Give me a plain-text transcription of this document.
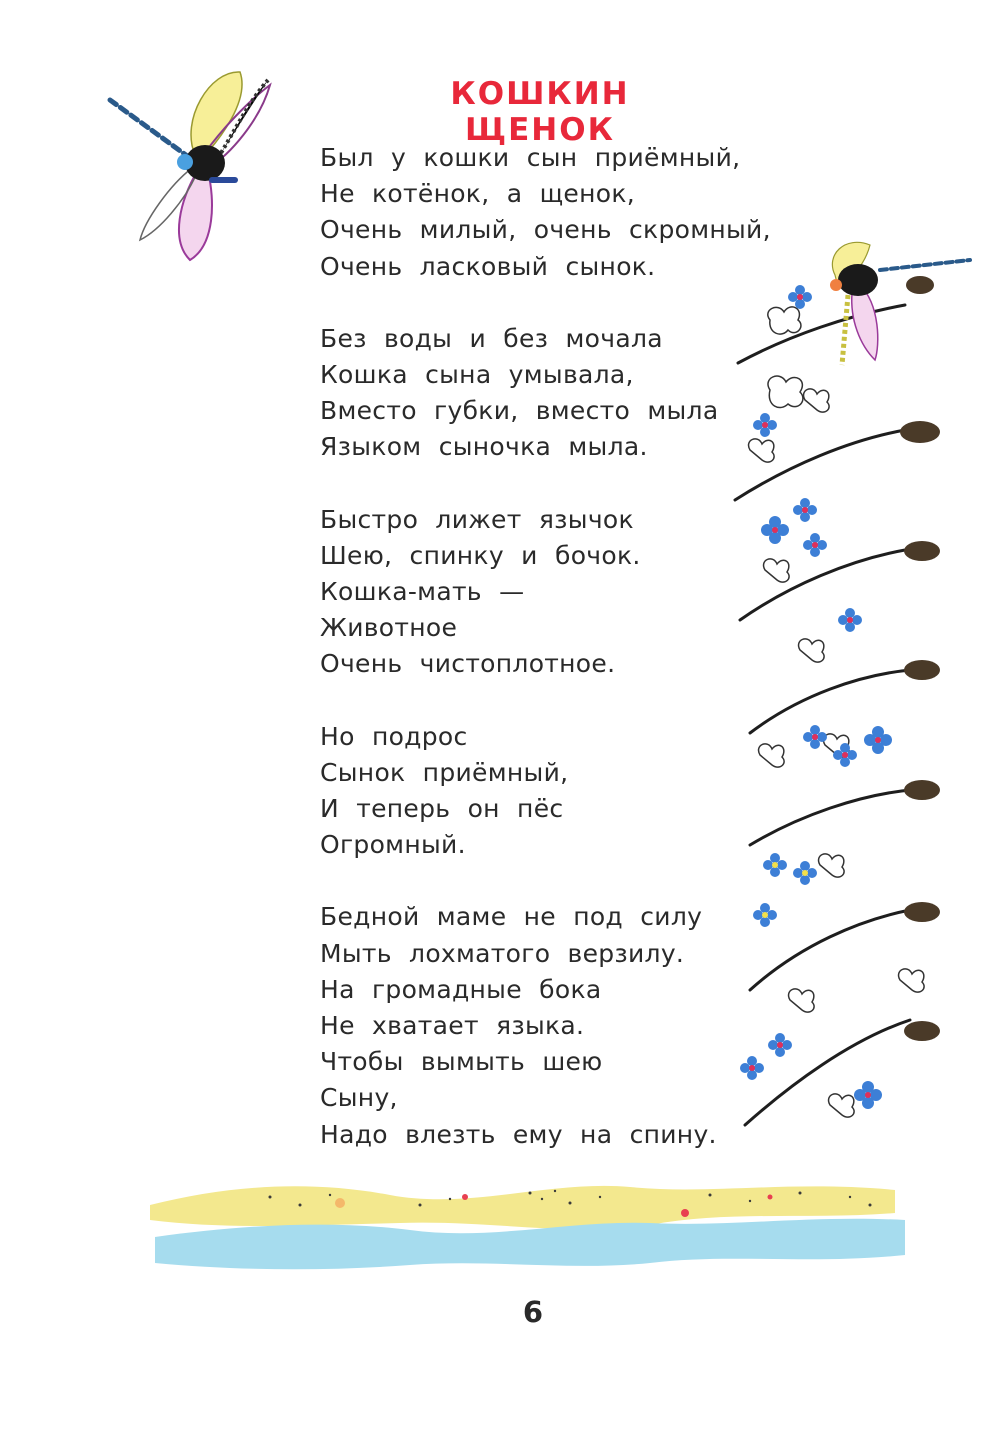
КОШКИН ЩЕНОК
Был у кошки сын приёмный,
Не котёнок, а щенок,
Очень милый, очень скромный,
Очень ласковый сынок.
Без воды и без мочала
Кошка сына умывала,
Вместо губки, вместо мыла
Языком сыночка мыла.
Быстро лижет язычок
Шею, спинку и бочок.
Кошка-мать —
Животное
Очень чистоплотное.
Но подрос
Сынок приёмный,
И теперь он пёс
Огромный.
Бедной маме не под силу
Мыть лохматого верзилу.
На громадные бока
Не хватает языка.
Чтобы вымыть шею
Сыну,
Надо влезть ему на спину.

6
